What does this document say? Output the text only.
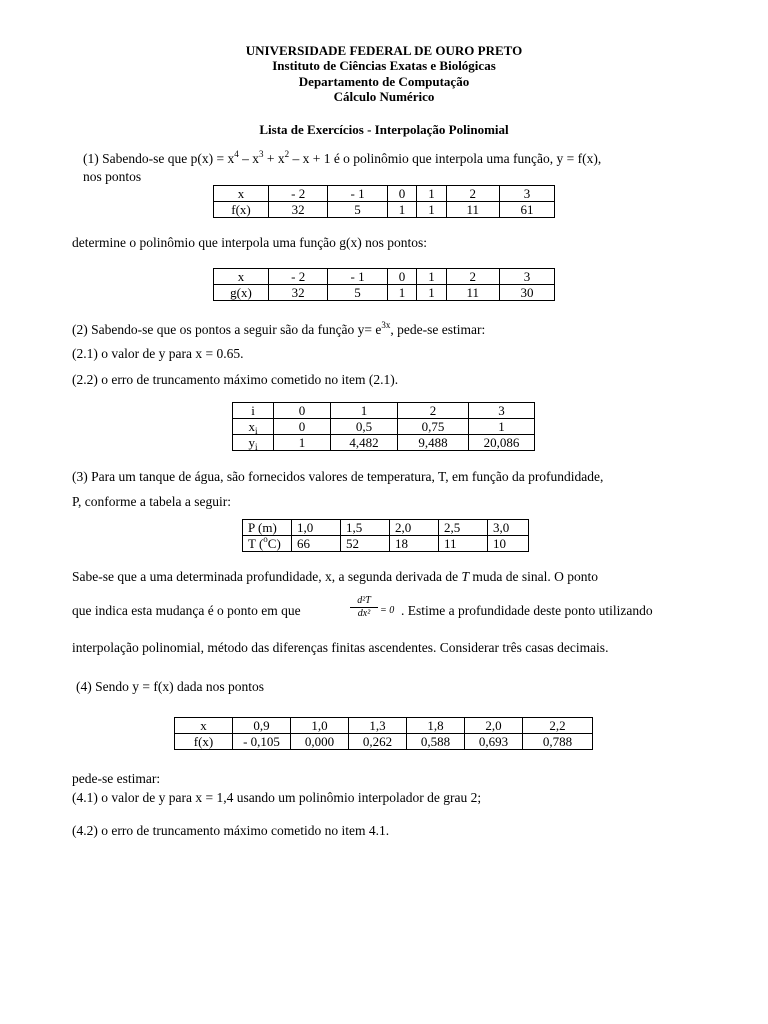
UNIVERSIDADE FEDERAL DE OURO PRETO
Instituto de Ciências Exatas e Biológicas
Departamento de Computação
Cálculo Numérico
Lista de Exercícios - Interpolação Polinomial
(1) Sabendo-se que $p(x) = x^4 - x^3 + x^2 - x + 1$ é o polinômio que interpola uma função, y = f(x),
nos pontos
x	- 2	- 1	0	1	2	3
f(x)	32	5	1	1	11	61
determine o polinômio que interpola uma função g(x) nos pontos:
x	- 2	- 1	0	1	2	3
g(x)	32	5	1	1	11	30
(2) Sabendo-se que os pontos a seguir são da função $y= e^{3x}$, pede-se estimar:
(2.1) o valor de y para x = 0.65.
(2.2) o erro de truncamento máximo cometido no item (2.1).
i	0	1	2	3
$x_i$	0	0,5	0,75	1
$y_i$	1	4,482	9,488	20,086
(3) Para um tanque de água, são fornecidos valores de temperatura, T, em função da profundidade,
P, conforme a tabela a seguir:
P (m)	1,0	1,5	2,0	2,5	3,0
T ($^o$C)	66	52	18	11	10
Sabe-se que a uma determinada profundidade, x, a segunda derivada de T muda de sinal. O ponto
que indica esta mudança é o ponto em que	$\frac{\text{d²T}}{\text{dx²}} = 0$ . Estime a profundidade deste ponto utilizando
interpolação polinomial, método das diferenças finitas ascendentes. Considerar três casas decimais.
(4) Sendo y = f(x) dada nos pontos
x	0,9	1,0	1,3	1,8	2,0	2,2
f(x)	- 0,105	0,000	0,262	0,588	0,693	0,788
pede-se estimar:
(4.1) o valor de y para x = 1,4 usando um polinômio interpolador de grau 2;
(4.2) o erro de truncamento máximo cometido no item 4.1.
